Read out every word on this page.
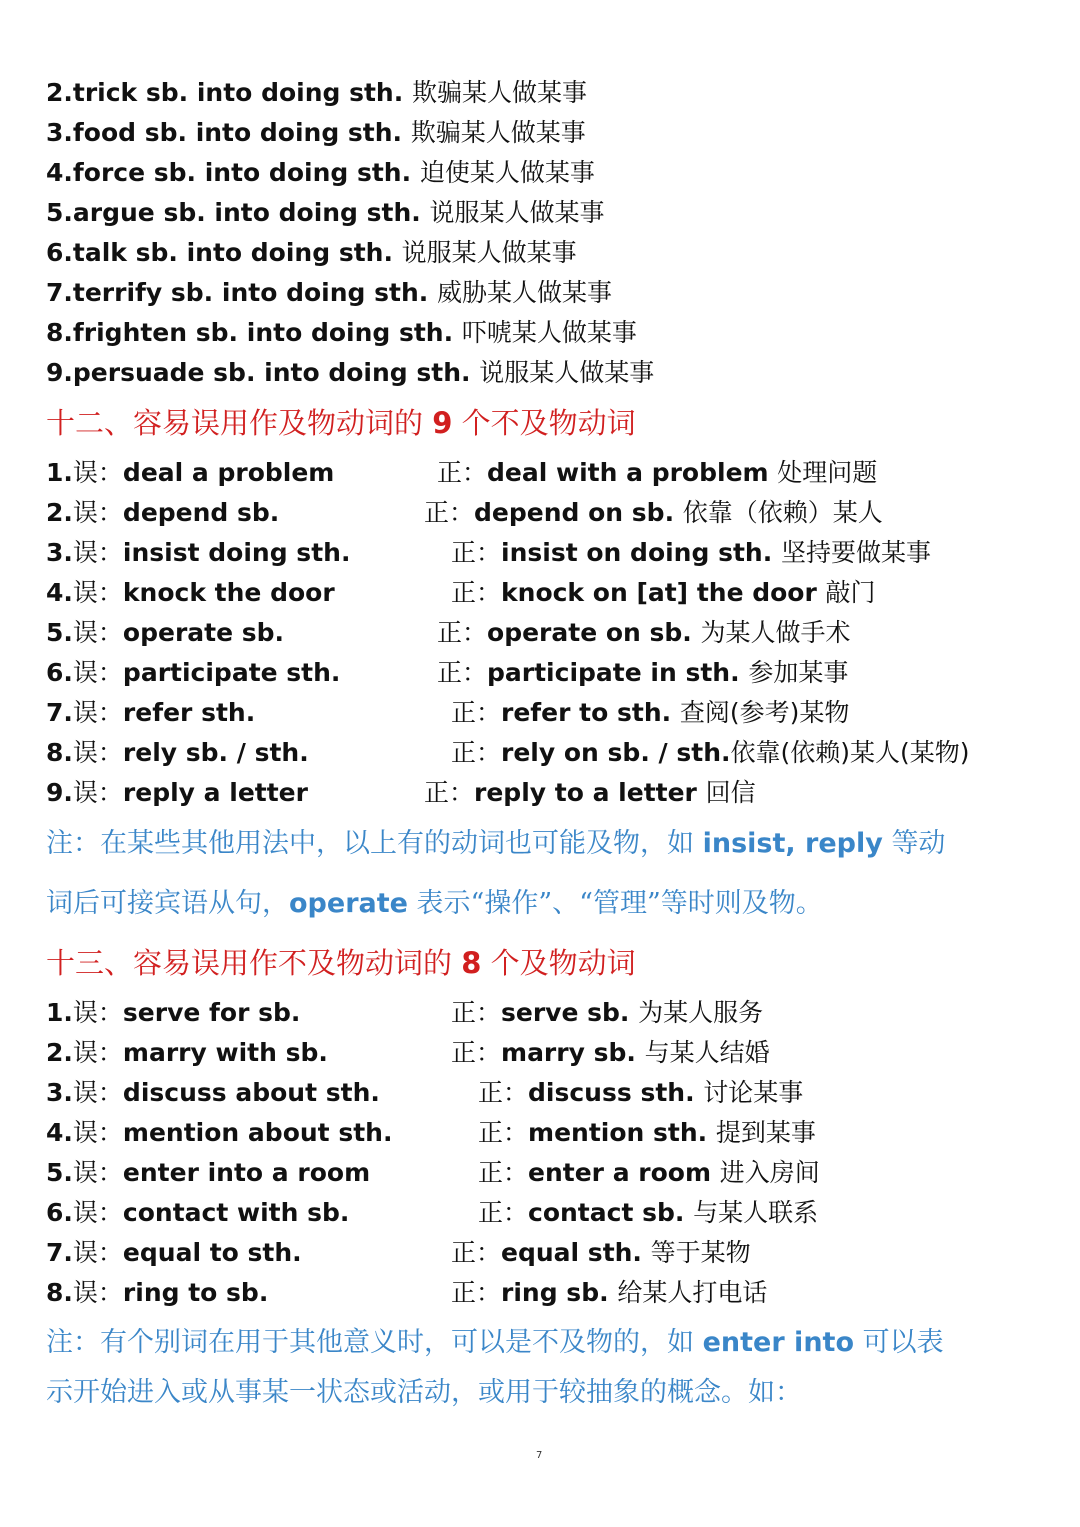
2.trick sb. into doing sth. 欺骗某人做某事
3.food sb. into doing sth. 欺骗某人做某事
4.force sb. into doing sth. 迫使某人做某事
5.argue sb. into doing sth. 说服某人做某事
6.talk sb. into doing sth. 说服某人做某事
7.terrify sb. into doing sth. 威胁某人做某事
8.frighten sb. into doing sth. 吓唬某人做某事
9.persuade sb. into doing sth. 说服某人做某事
十二、容易误用作及物动词的 9 个不及物动词
1.误：deal a problem	正：deal with a problem 处理问题
2.误：depend sb.	正：depend on sb. 依靠（依赖）某人
3.误：insist doing sth.	正：insist on doing sth. 坚持要做某事
4.误：knock the door	正：knock on [at] the door 敲门
5.误：operate sb.	正：operate on sb. 为某人做手术
6.误：participate sth.	正：participate in sth. 参加某事
7.误：refer sth.	正：refer to sth. 查阅(参考)某物
8.误：rely sb. / sth.	正：rely on sb. / sth.依靠(依赖)某人(某物)
9.误：reply a letter	正：reply to a letter 回信
注：在某些其他用法中，以上有的动词也可能及物，如 insist, reply 等动
词后可接宾语从句，operate 表示“操作”、“管理”等时则及物。
十三、容易误用作不及物动词的 8 个及物动词
1.误：serve for sb.	正：serve sb. 为某人服务
2.误：marry with sb.	正：marry sb. 与某人结婚
3.误：discuss about sth.	正：discuss sth. 讨论某事
4.误：mention about sth.	正：mention sth. 提到某事
5.误：enter into a room	正：enter a room 进入房间
6.误：contact with sb.	正：contact sb. 与某人联系
7.误：equal to sth.	正：equal sth. 等于某物
8.误：ring to sb.	正：ring sb. 给某人打电话
注：有个别词在用于其他意义时，可以是不及物的，如 enter into 可以表
示开始进入或从事某一状态或活动，或用于较抽象的概念。如：
7
